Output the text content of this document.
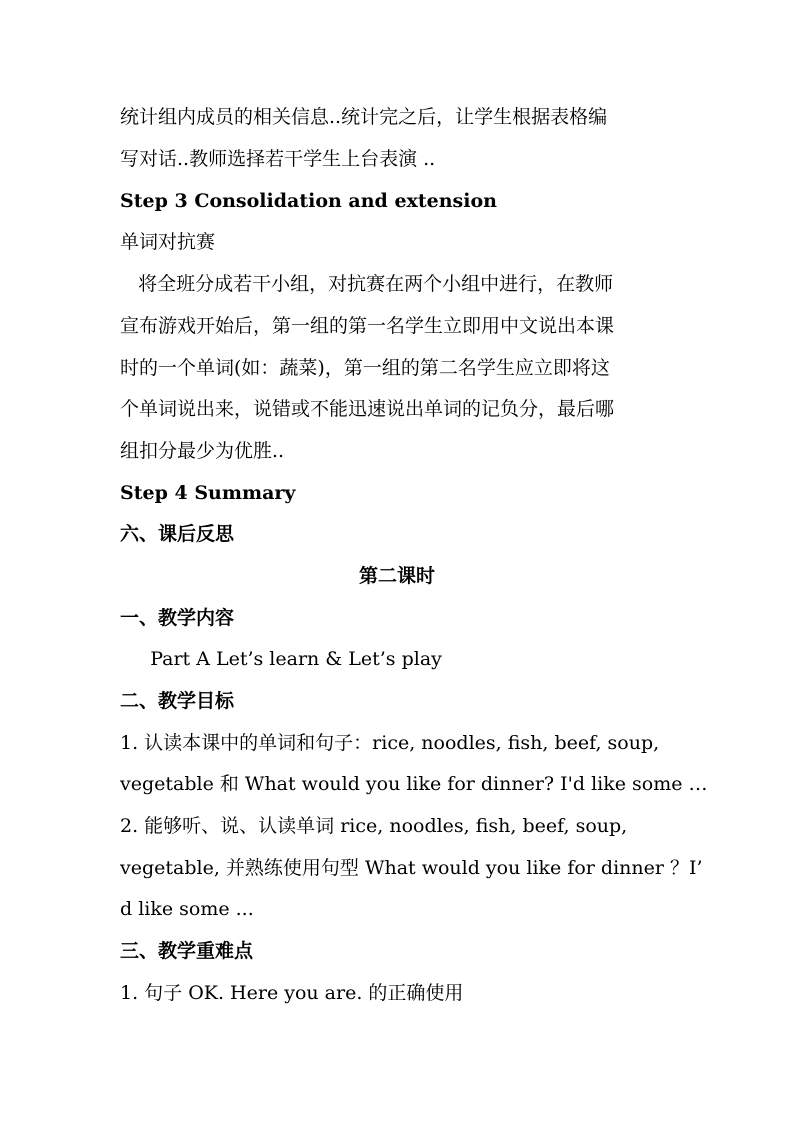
统计组内成员的相关信息..统计完之后，让学生根据表格编
写对话..教师选择若干学生上台表演 ..
Step 3 Consolidation and extension
单词对抗赛
将全班分成若干小组，对抗赛在两个小组中进行，在教师
宣布游戏开始后，第一组的第一名学生立即用中文说出本课
时的一个单词(如：蔬菜)，第一组的第二名学生应立即将这
个单词说出来，说错或不能迅速说出单词的记负分，最后哪
组扣分最少为优胜..
Step 4 Summary
六、课后反思
第二课时
一、教学内容
Part A Let’s learn & Let’s play
二、教学目标
1. 认读本课中的单词和句子：rice, noodles, fish, beef, soup,
vegetable 和 What would you like for dinner? I'd like some …
2. 能够听、说、认读单词 rice, noodles, fish, beef, soup,
vegetable, 并熟练使用句型 What would you like for dinner ？I’
d like some ...
三、教学重难点
1. 句子 OK. Here you are. 的正确使用
